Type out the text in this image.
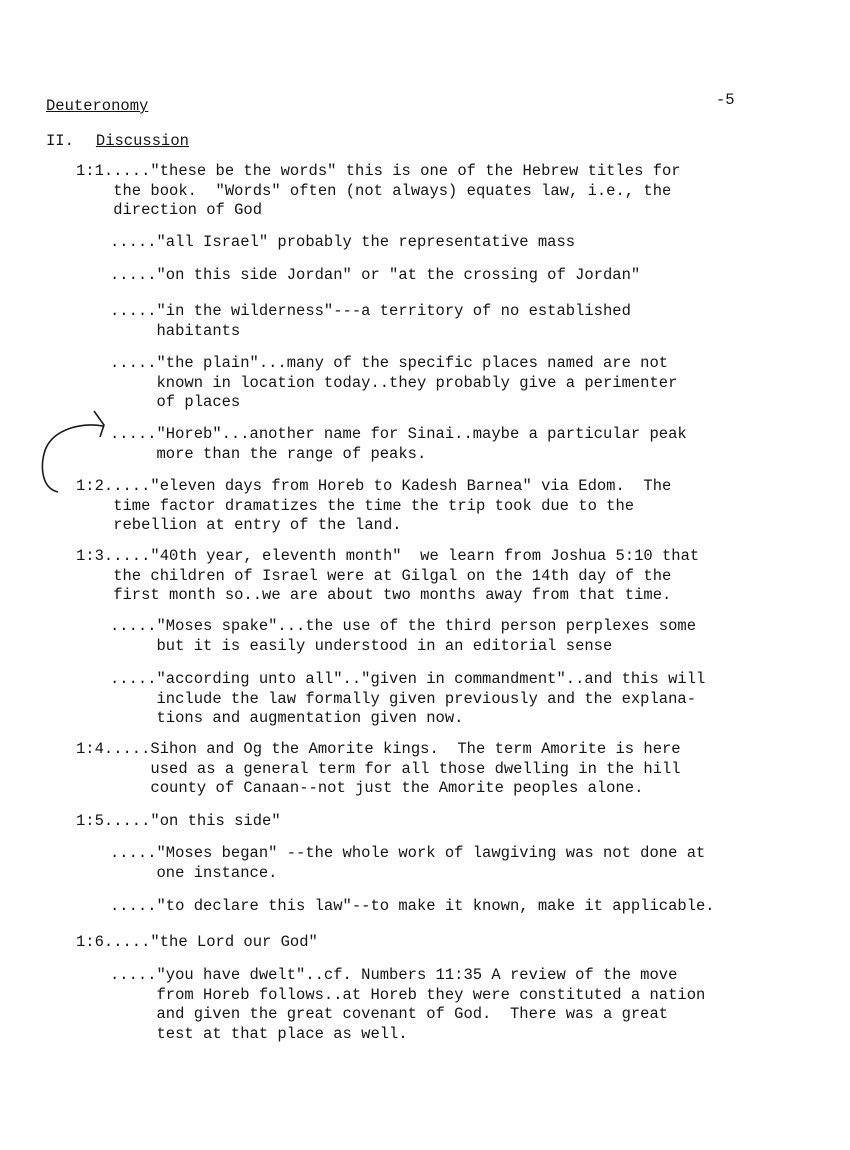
Deuteronomy	-5
II. Discussion
1:1....."these be the words" this is one of the Hebrew titles for
the book.  "Words" often (not always) equates law, i.e., the
direction of God
....."all Israel" probably the representative mass
....."on this side Jordan" or "at the crossing of Jordan"
....."in the wilderness"---a territory of no established
habitants
....."the plain"...many of the specific places named are not
known in location today..they probably give a perimenter
of places
....."Horeb"...another name for Sinai..maybe a particular peak
more than the range of peaks.
1:2....."eleven days from Horeb to Kadesh Barnea" via Edom.  The
time factor dramatizes the time the trip took due to the
rebellion at entry of the land.
1:3....."40th year, eleventh month"  we learn from Joshua 5:10 that
the children of Israel were at Gilgal on the 14th day of the
first month so..we are about two months away from that time.
....."Moses spake"...the use of the third person perplexes some
but it is easily understood in an editorial sense
....."according unto all".."given in commandment"..and this will
include the law formally given previously and the explana-
tions and augmentation given now.
1:4.....Sihon and Og the Amorite kings.  The term Amorite is here
used as a general term for all those dwelling in the hill
county of Canaan--not just the Amorite peoples alone.
1:5....."on this side"
....."Moses began" --the whole work of lawgiving was not done at
one instance.
....."to declare this law"--to make it known, make it applicable.
1:6....."the Lord our God"
....."you have dwelt"..cf. Numbers 11:35 A review of the move
from Horeb follows..at Horeb they were constituted a nation
and given the great covenant of God.  There was a great
test at that place as well.
